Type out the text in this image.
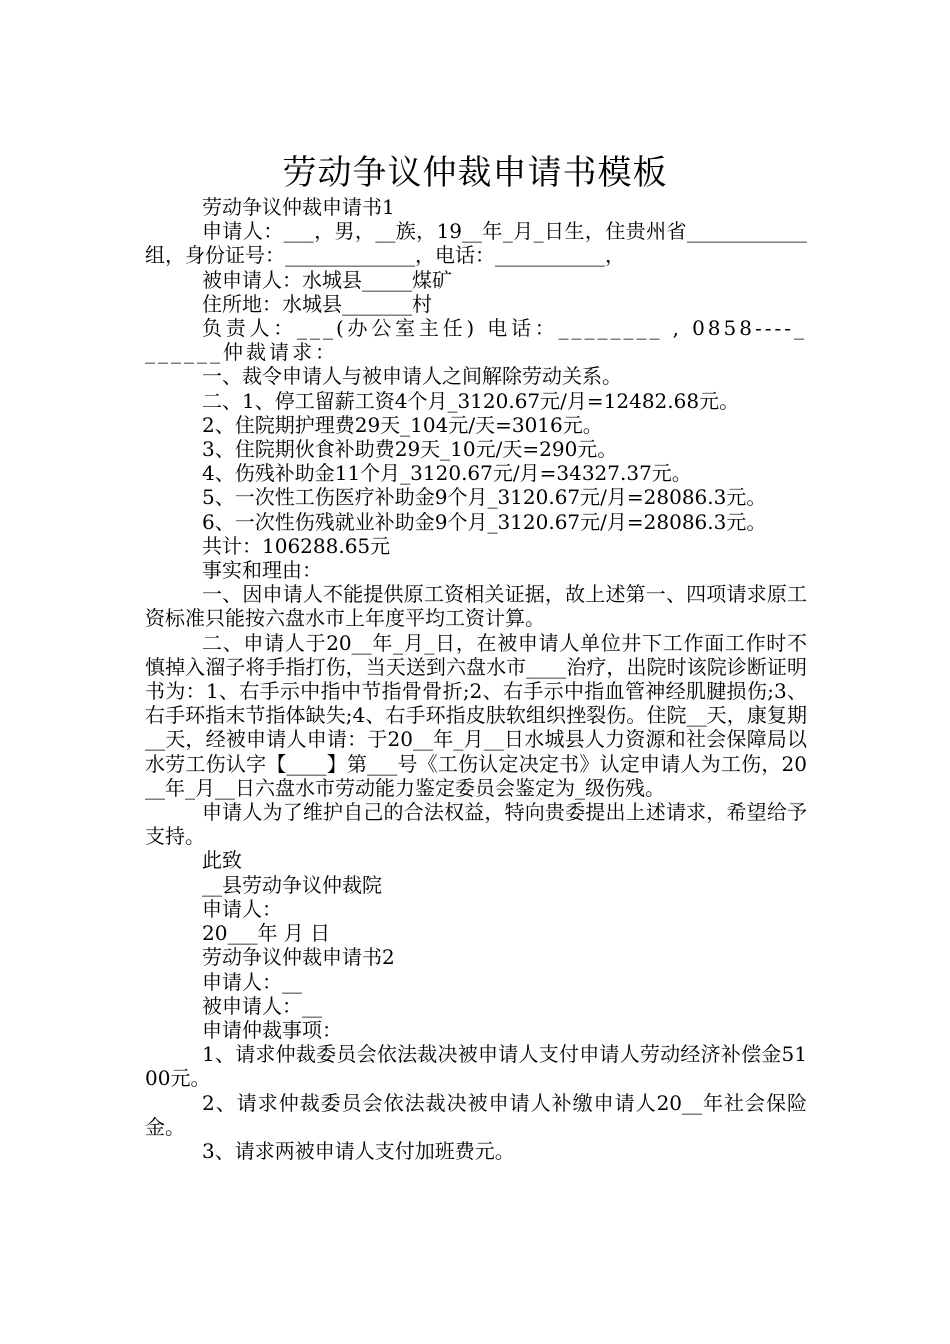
劳动争议仲裁申请书模板

劳动争议仲裁申请书1

申请人：___，男，__族，19__年_月_日生，住贵州省____________组，身份证号：_____________，电话：___________，

被申请人：水城县_____煤矿

住所地：水城县_______村

负责人：___(办公室主任) 电话：________ , 0858----_______仲裁请求：

一、裁令申请人与被申请人之间解除劳动关系。

二、1、停工留薪工资4个月_3120.67元/月=12482.68元。

2、住院期护理费29天_104元/天=3016元。

3、住院期伙食补助费29天_10元/天=290元。

4、伤残补助金11个月_3120.67元/月=34327.37元。

5、一次性工伤医疗补助金9个月_3120.67元/月=28086.3元。

6、一次性伤残就业补助金9个月_3120.67元/月=28086.3元。

共计：106288.65元

事实和理由：

一、因申请人不能提供原工资相关证据，故上述第一、四项请求原工资标准只能按六盘水市上年度平均工资计算。

二、申请人于20__年_月_日，在被申请人单位井下工作面工作时不慎掉入溜子将手指打伤，当天送到六盘水市____治疗，出院时该院诊断证明书为：1、右手示中指中节指骨骨折;2、右手示中指血管神经肌腱损伤;3、右手环指末节指体缺失;4、右手环指皮肤软组织挫裂伤。住院__天，康复期__天，经被申请人申请：于20__年_月__日水城县人力资源和社会保障局以水劳工伤认字【____】第___号《工伤认定决定书》认定申请人为工伤，20__年_月__日六盘水市劳动能力鉴定委员会鉴定为_级伤残。

申请人为了维护自己的合法权益，特向贵委提出上述请求，希望给予支持。

此致

__县劳动争议仲裁院

申请人：

20___年 月 日

劳动争议仲裁申请书2

申请人：__

被申请人：__

申请仲裁事项：

1、请求仲裁委员会依法裁决被申请人支付申请人劳动经济补偿金5100元。

2、请求仲裁委员会依法裁决被申请人补缴申请人20__年社会保险金。

3、请求两被申请人支付加班费元。
